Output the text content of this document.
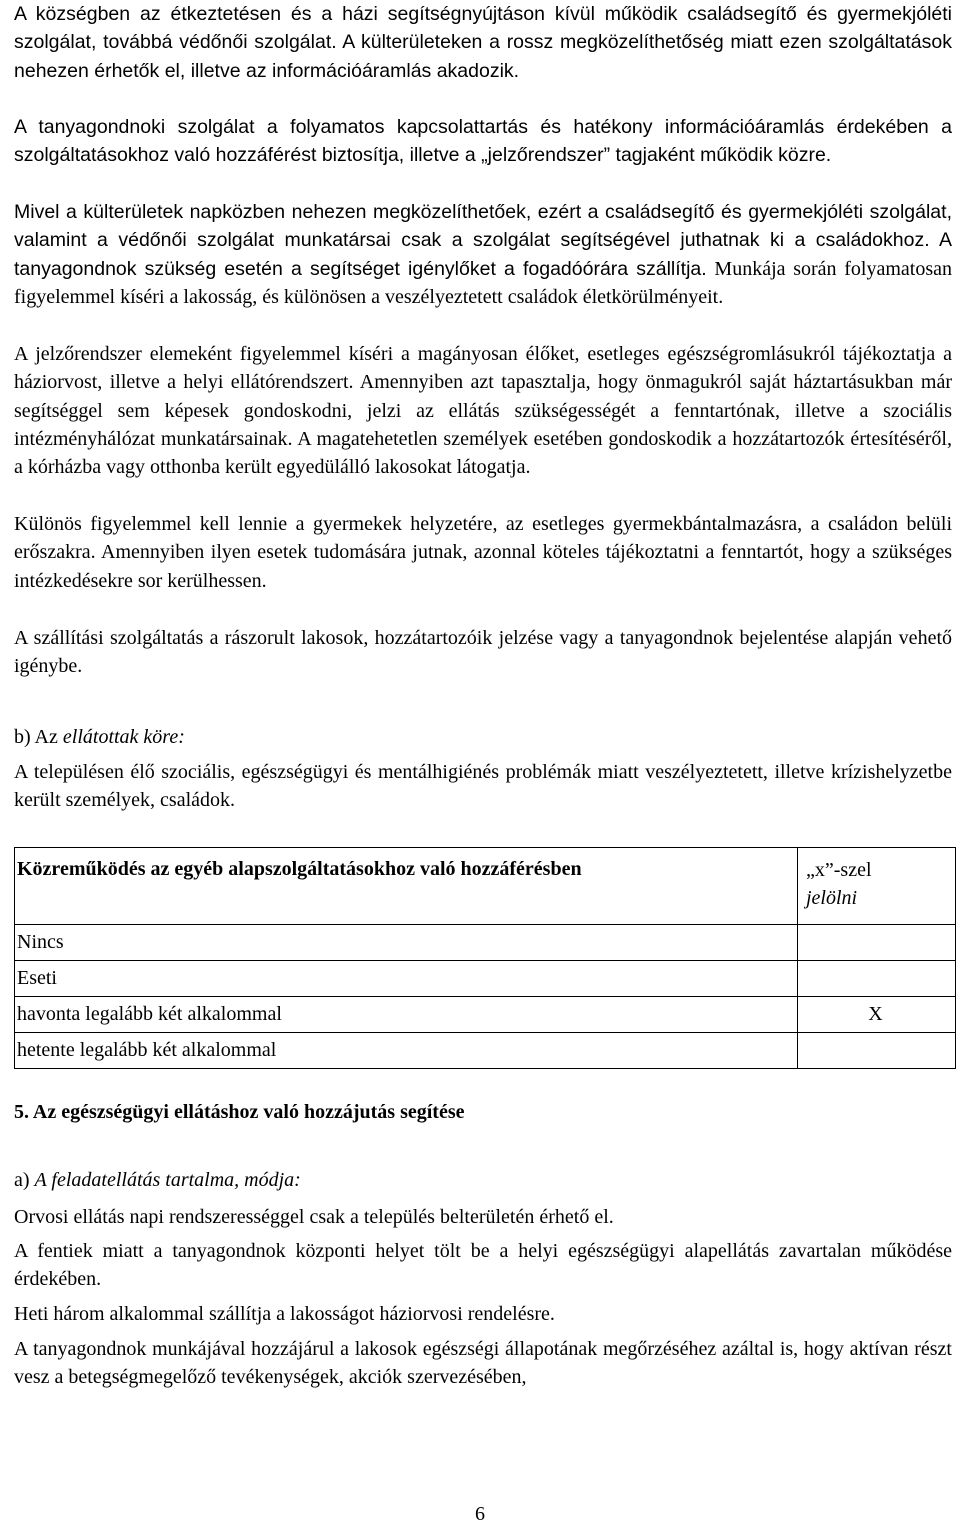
A községben az étkeztetésen és a házi segítségnyújtáson kívül működik családsegítő és gyermekjóléti szolgálat, továbbá védőnői szolgálat. A külterületeken a rossz megközelíthetőség miatt ezen szolgáltatások nehezen érhetők el, illetve az információáramlás akadozik.

A tanyagondnoki szolgálat a folyamatos kapcsolattartás és hatékony információáramlás érdekében a szolgáltatásokhoz való hozzáférést biztosítja, illetve a „jelzőrendszer” tagjaként működik közre.

Mivel a külterületek napközben nehezen megközelíthetőek, ezért a családsegítő és gyermekjóléti szolgálat, valamint a védőnői szolgálat munkatársai csak a szolgálat segítségével juthatnak ki a családokhoz. A tanyagondnok szükség esetén a segítséget igénylőket a fogadóórára szállítja. Munkája során folyamatosan figyelemmel kíséri a lakosság, és különösen a veszélyeztetett családok életkörülményeit.

A jelzőrendszer elemeként figyelemmel kíséri a magányosan élőket, esetleges egészségromlásukról tájékoztatja a háziorvost, illetve a helyi ellátórendszert. Amennyiben azt tapasztalja, hogy önmagukról saját háztartásukban már segítséggel sem képesek gondoskodni, jelzi az ellátás szükségességét a fenntartónak, illetve a szociális intézményhálózat munkatársainak. A magatehetetlen személyek esetében gondoskodik a hozzátartozók értesítéséről, a kórházba vagy otthonba került egyedülálló lakosokat látogatja.

Különös figyelemmel kell lennie a gyermekek helyzetére, az esetleges gyermekbántalmazásra, a családon belüli erőszakra. Amennyiben ilyen esetek tudomására jutnak, azonnal köteles tájékoztatni a fenntartót, hogy a szükséges intézkedésekre sor kerülhessen.

A szállítási szolgáltatás a rászorult lakosok, hozzátartozóik jelzése vagy a tanyagondnok bejelentése alapján vehető igénybe.

b) Az ellátottak köre:

A településen élő szociális, egészségügyi és mentálhigiénés problémák miatt veszélyeztetett, illetve krízishelyzetbe került személyek, családok.

Közreműködés az egyéb alapszolgáltatásokhoz való hozzáférésben	„x”-szel
jelölni

Nincs	
Eseti	
havonta legalább két alkalommal	X
hetente legalább két alkalommal	

5. Az egészségügyi ellátáshoz való hozzájutás segítése

a) A feladatellátás tartalma, módja:

Orvosi ellátás napi rendszerességgel csak a település belterületén érhető el.

A fentiek miatt a tanyagondnok központi helyet tölt be a helyi egészségügyi alapellátás zavartalan működése érdekében.

Heti három alkalommal szállítja a lakosságot háziorvosi rendelésre.

A tanyagondnok munkájával hozzájárul a lakosok egészségi állapotának megőrzéséhez azáltal is, hogy aktívan részt vesz a betegségmegelőző tevékenységek, akciók szervezésében,

6
